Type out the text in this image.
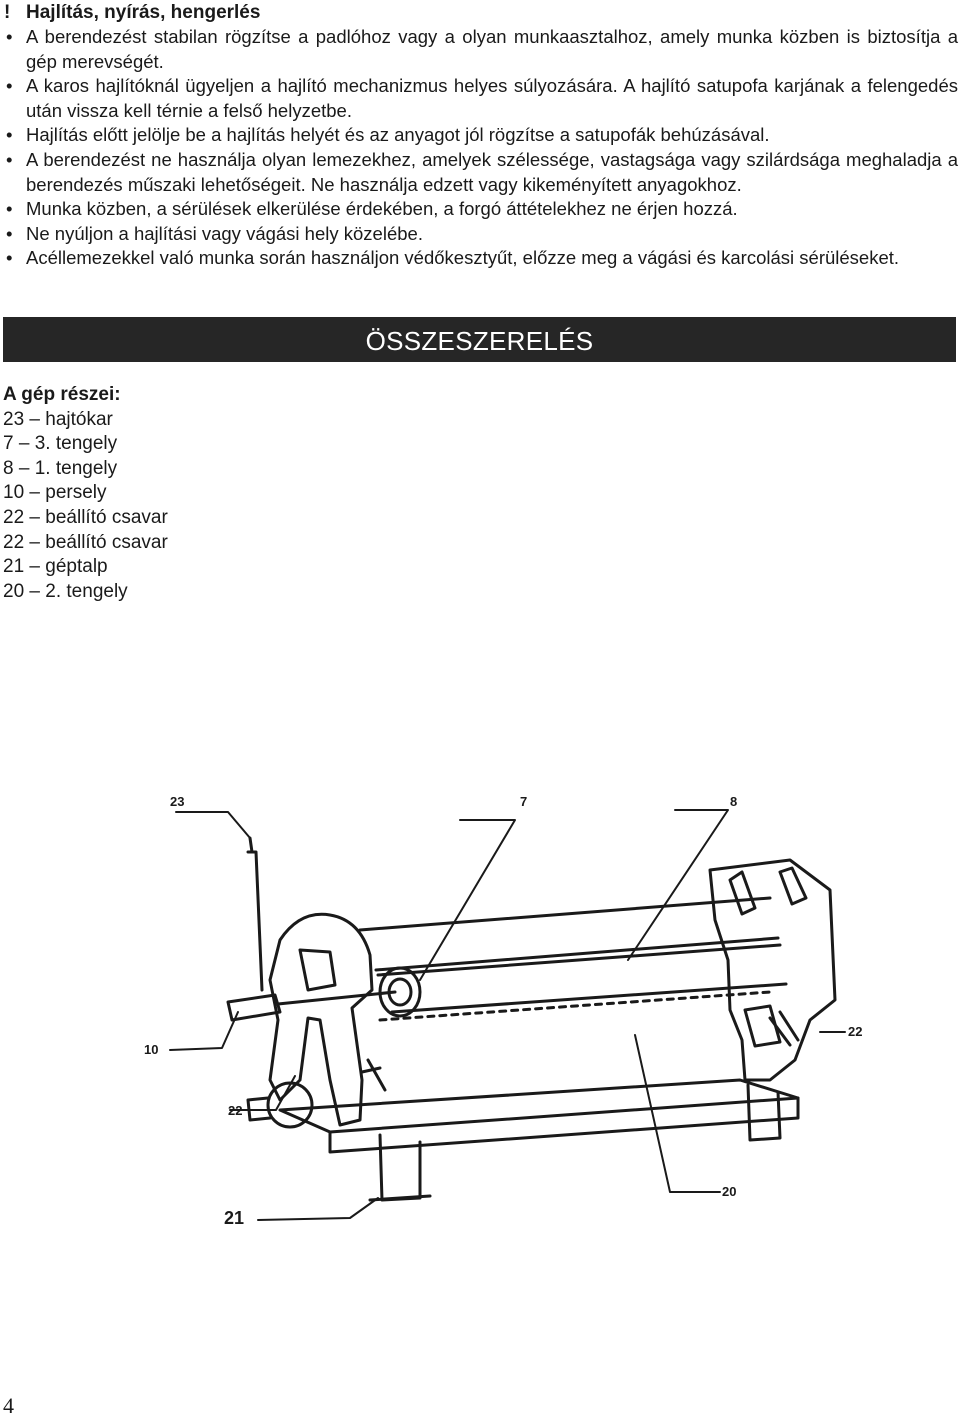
! Hajlítás, nyírás, hengerlés
• A berendezést stabilan rögzítse a padlóhoz vagy a olyan munkaasztalhoz, amely munka közben is biztosítja a gép merevségét.
• A karos hajlítóknál ügyeljen a hajlító mechanizmus helyes súlyozására. A hajlító satupofa karjának a felengedés után vissza kell térnie a felső helyzetbe.
• Hajlítás előtt jelölje be a hajlítás helyét és az anyagot jól rögzítse a satupofák behúzásával.
• A berendezést ne használja olyan lemezekhez, amelyek szélessége, vastagsága vagy szilárdsága meghaladja a berendezés műszaki lehetőségeit. Ne használja edzett vagy kikeményített anyagokhoz.
• Munka közben, a sérülések elkerülése érdekében, a forgó áttételekhez ne érjen hozzá.
• Ne nyúljon a hajlítási vagy vágási hely közelébe.
• Acéllemezekkel való munka során használjon védőkesztyűt, előzze meg a vágási és karcolási sérüléseket.
ÖSSZESZERELÉS
A gép részei:
23 – hajtókar
7 – 3. tengely
8 – 1. tengely
10 – persely
22 – beállító csavar
22 – beállító csavar
21 – géptalp
20 – 2. tengely
23	7	8
10
22
22
21
20
4
